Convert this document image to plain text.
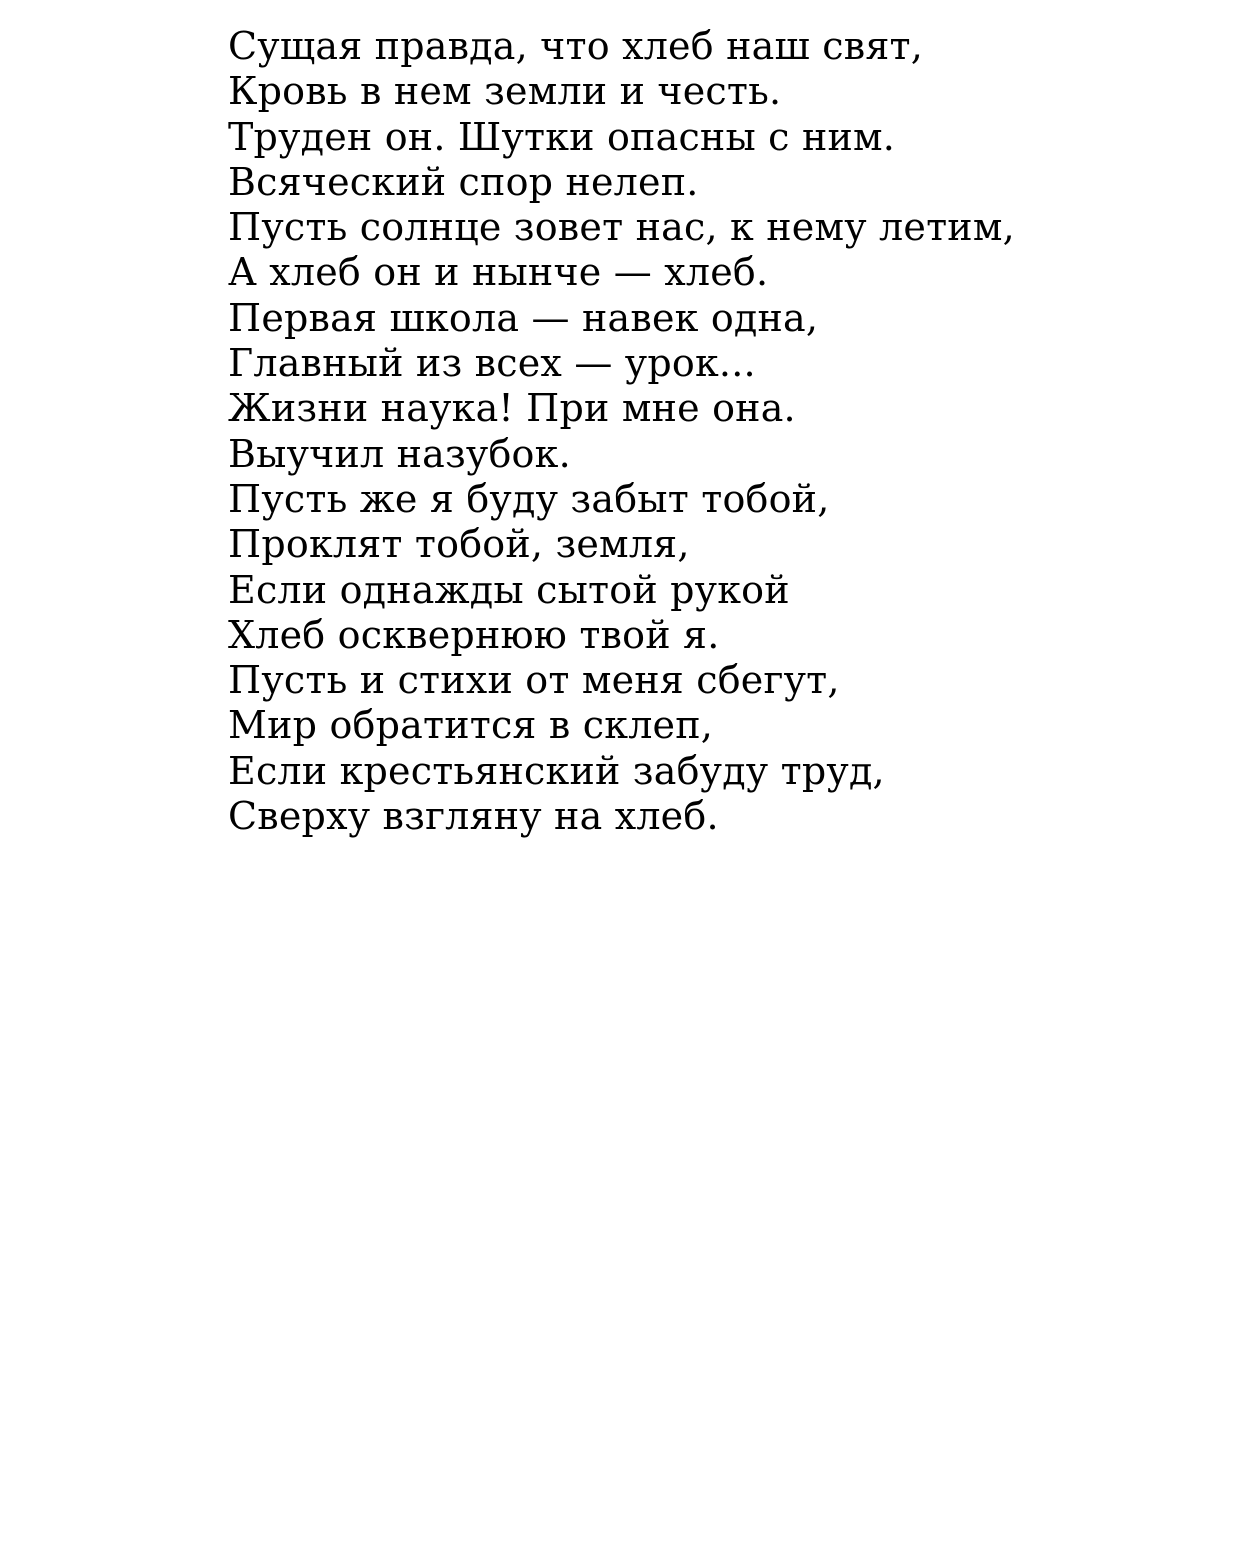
Сущая правда, что хлеб наш свят,
Кровь в нем земли и честь.
Труден он. Шутки опасны с ним.
Всяческий спор нелеп.
Пусть солнце зовет нас, к нему летим,
А хлеб он и нынче — хлеб.
Первая школа — навек одна,
Главный из всех — урок...
Жизни наука! При мне она.
Выучил назубок.
Пусть же я буду забыт тобой,
Проклят тобой, земля,
Если однажды сытой рукой
Хлеб осквернюю твой я.
Пусть и стихи от меня сбегут,
Мир обратится в склеп,
Если крестьянский забуду труд,
Сверху взгляну на хлеб.
